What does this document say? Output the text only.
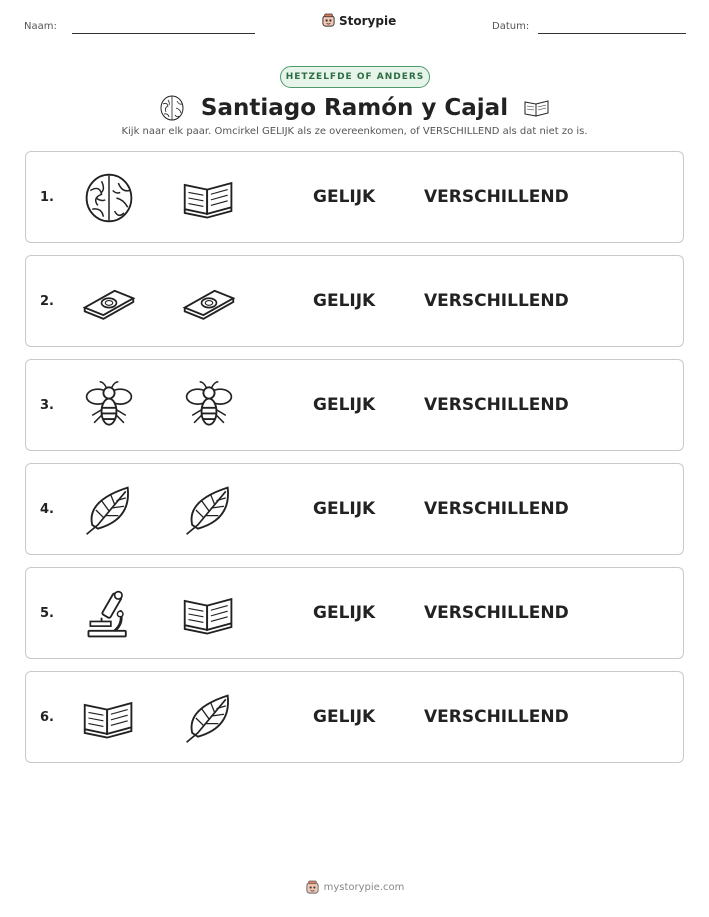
Naam:	Storypie	Datum:
HETZELFDE OF ANDERS
Santiago Ramón y Cajal
Kijk naar elk paar. Omcirkel GELIJK als ze overeenkomen, of VERSCHILLEND als dat niet zo is.
1.	GELIJK	VERSCHILLEND
2.	GELIJK	VERSCHILLEND
3.	GELIJK	VERSCHILLEND
4.	GELIJK	VERSCHILLEND
5.	GELIJK	VERSCHILLEND
6.	GELIJK	VERSCHILLEND
mystorypie.com
